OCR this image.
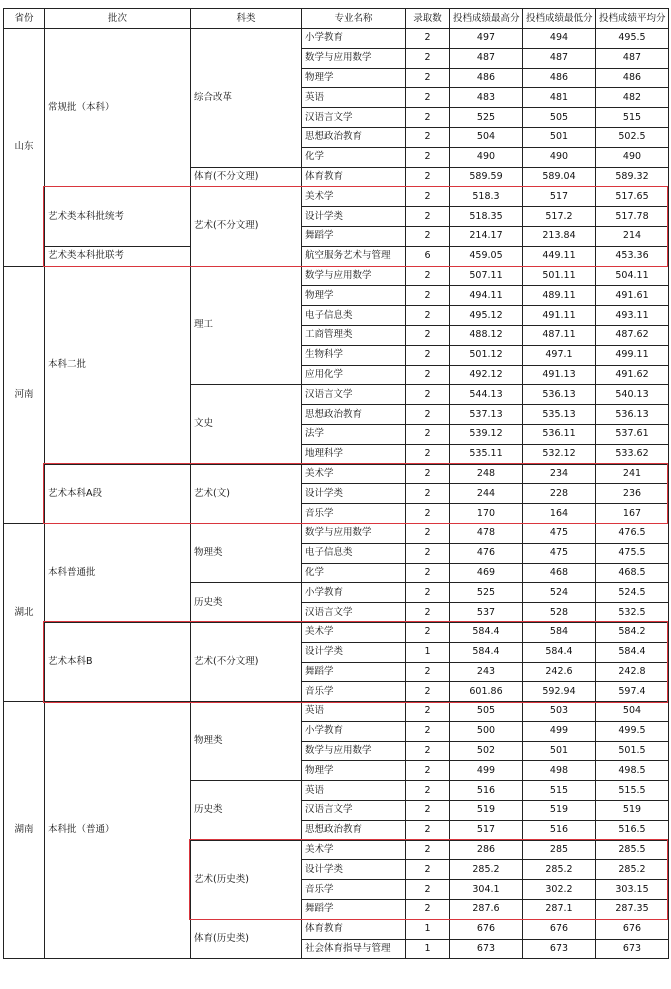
省份	批次	科类	专业名称	录取数	投档成绩最高分	投档成绩最低分	投档成绩平均分
山东	常规批（本科）	综合改革	小学教育	2	497	494	495.5
			数学与应用数学	2	487	487	487
			物理学	2	486	486	486
			英语	2	483	481	482
			汉语言文学	2	525	505	515
			思想政治教育	2	504	501	502.5
			化学	2	490	490	490
		体育(不分文理)	体育教育	2	589.59	589.04	589.32
	艺术类本科批统考	艺术(不分文理)	美术学	2	518.3	517	517.65
			设计学类	2	518.35	517.2	517.78
			舞蹈学	2	214.17	213.84	214
	艺术类本科批联考		航空服务艺术与管理	6	459.05	449.11	453.36
河南	本科二批	理工	数学与应用数学	2	507.11	501.11	504.11
			物理学	2	494.11	489.11	491.61
			电子信息类	2	495.12	491.11	493.11
			工商管理类	2	488.12	487.11	487.62
			生物科学	2	501.12	497.1	499.11
			应用化学	2	492.12	491.13	491.62
		文史	汉语言文学	2	544.13	536.13	540.13
			思想政治教育	2	537.13	535.13	536.13
			法学	2	539.12	536.11	537.61
			地理科学	2	535.11	532.12	533.62
	艺术本科A段	艺术(文)	美术学	2	248	234	241
			设计学类	2	244	228	236
			音乐学	2	170	164	167
湖北	本科普通批	物理类	数学与应用数学	2	478	475	476.5
			电子信息类	2	476	475	475.5
			化学	2	469	468	468.5
		历史类	小学教育	2	525	524	524.5
			汉语言文学	2	537	528	532.5
	艺术本科B	艺术(不分文理)	美术学	2	584.4	584	584.2
			设计学类	1	584.4	584.4	584.4
			舞蹈学	2	243	242.6	242.8
			音乐学	2	601.86	592.94	597.4
湖南	本科批（普通）	物理类	英语	2	505	503	504
			小学教育	2	500	499	499.5
			数学与应用数学	2	502	501	501.5
			物理学	2	499	498	498.5
		历史类	英语	2	516	515	515.5
			汉语言文学	2	519	519	519
			思想政治教育	2	517	516	516.5
		艺术(历史类)	美术学	2	286	285	285.5
			设计学类	2	285.2	285.2	285.2
			音乐学	2	304.1	302.2	303.15
			舞蹈学	2	287.6	287.1	287.35
		体育(历史类)	体育教育	1	676	676	676
			社会体育指导与管理	1	673	673	673
